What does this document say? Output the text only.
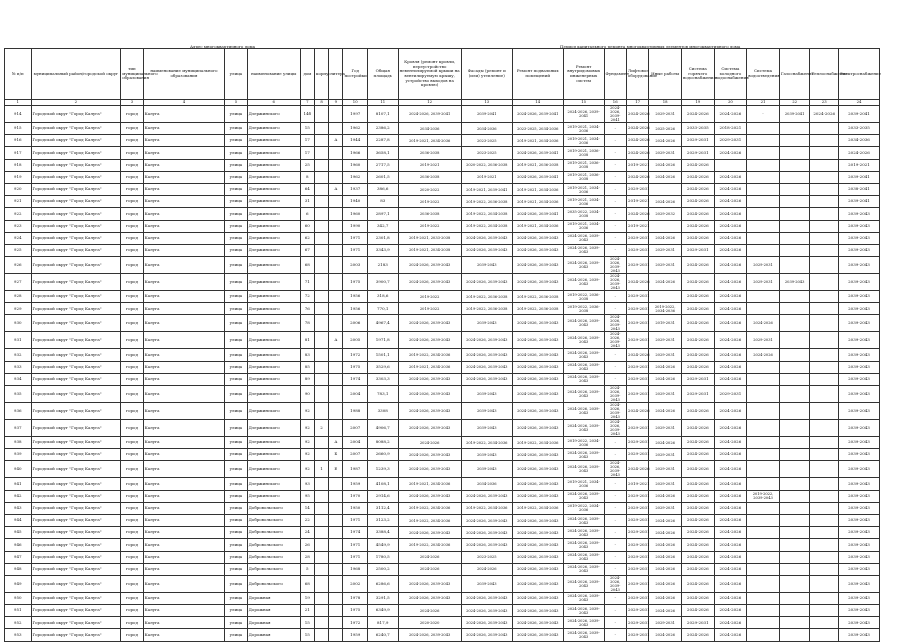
Адрес многоквартирного дома	Период капитального ремонта многоквартирных элементов многоквартирного дома
№ п/п	муниципальный район/городской округ	тип муниципального образования	наименование муниципального образования	улица	наименование улицы	дом	корпус	литера	Год постройки	Общая площадь	Кровля (ремонт кровли, переустройство невентилируемой крыши на вентилируемую крышу, устройство выходов на кровлю)	Фасады (ремонт и (или) утепление)	Ремонт подвальных помещений	Ремонт внутридомовых инженерных систем	Фундамент	Лифтовое оборудование	Иные работы	Система горячего водоснабжения	Система холодного водоснабжения	Система водоотведения	Газоснабжение	Теплоснабжение	Электроснабжение
1	2	3	4	5	6	7	8	9	10	11	12	13	14	15	16	17	18	19	20	21	22	23	24
914	Городской округ "Город Калуга"	город	Калуга	улица	Дзержинского	14б			1997	8107,1	2024-2026, 2039-2041	2039-2041	2024-2026, 2039-2041	2024-2026, 2039-2041	2024-2026, 2039-2041	2024-2026	2029-2031	2024-2026	2024-2026	-	2039-2041	2024-2026	2039-2041
915	Городской округ "Город Калуга"	город	Калуга	улица	Дзержинского	15			1962	2386,2	2034-2036	2034-2036	2023-2025, 2034-2036	2019-2021, 2034-2036	-	2024-2026	2025-2026	2033-2035	2018-2021				2033-2035
916	Городской округ "Город Калуга"	город	Калуга	улица	Дзержинского	17		А	1944	2287,8	2019-2021, 2034-2036	2023-2025	2019-2021, 2034-2036	2019-2021, 2034-2036	-	2024-2026	2024-2026	2029-2031	2029-2031				2034-2036
917	Городской округ "Город Калуга"	город	Калуга	улица	Дзержинского	17			1966	3658,1	2036-2038	2023-2025	2024-2026, 2039-2041	2019-2021, 2036-2038	-	2024-2026	2029-2031	2029-2031	2024-2026				2024-2026
918	Городской округ "Город Калуга"	город	Калуга	улица	Дзержинского	25			1960	2717,5	2019-2021	2020-2022, 2036-2038	2019-2021, 2036-2038	2019-2021, 2036-2038	-	2019-2021	2024-2026	2024-2026					2019-2021
919	Городской округ "Город Калуга"	город	Калуга	улица	Дзержинского	8			1962	2601,5	2036-2038	2019-2021	2024-2026, 2039-2041	2019-2021, 2036-2038	-	2024-2026	2024-2026	2024-2026	2024-2026				2039-2041
920	Городской округ "Город Калуга"	город	Калуга	улица	Дзержинского	64		А	1937	386,6	2020-2022	2019-2021, 2039-2041	2019-2021, 2034-2036	2019-2021, 2034-2036	-	2029-2031		2024-2026	2024-2026				2038-2041
921	Городской округ "Город Калуга"	город	Калуга	улица	Дзержинского	31			1940	83	2019-2022	2019-2022, 2036-2038	2019-2021, 2034-2036	2019-2021, 2034-2036	-	2019-2021	2024-2026	2024-2026	2024-2026				2039-2041
922	Городской округ "Город Калуга"	город	Калуга	улица	Дзержинского	6			1960	2897,1	2036-2038	2019-2022, 2034-2038	2024-2026, 2039-2041	2035-2022, 2034-2038	-	2024-2026	2029-2032	2024-2026	2024-2026				2039-2043
923	Городской округ "Город Калуга"	город	Калуга	улица	Дзержинского	60			1990	342,7	2019-2022	2019-2022, 2034-2038	2019-2021, 2034-2036	2019-2021, 2034-2036	-	2019-2021		2024-2026	2024-2026				2039-2043
924	Городской округ "Город Калуга"	город	Калуга	улица	Дзержинского	62			1971	2301,8	2019-2021, 2033-2038	2024-2026, 2039-2043	2024-2026, 2039-2043	2024-2026, 2039-2043	-	2029-2031	2024-2026	2024-2026	2024-2026				2039-2043
925	Городской округ "Город Калуга"	город	Калуга	улица	Дзержинского	67			1971	3343,9	2019-2021, 2034-2038	2024-2026, 2039-2043	2024-2026, 2039-2043	2024-2026, 2039-2043	-	2029-2031	2029-2031	2029-2031	2024-2026				2039-2043
926	Городской округ "Город Калуга"	город	Калуга	улица	Дзержинского	68			2003	2183	2024-2026, 2039-2043	2039-2043	2024-2026, 2039-2043	2024-2026, 2039-2043	2024-2026, 2039-2043	2029-2031	2029-2031	2024-2026	2024-2026	2029-2031			2039-2043
927	Городской округ "Город Калуга"	город	Калуга	улица	Дзержинского	71			1975	3900,7	2024-2026, 2039-2043	2024-2026, 2039-2043	2024-2026, 2039-2043	2024-2026, 2039-2043	2024-2026, 2039-2043	2024-2026	2024-2026	2024-2026	2024-2026	2029-2031	2039-2043		2039-2043
928	Городской округ "Город Калуга"	город	Калуга	улица	Дзержинского	72			1956	318,6	2019-2022	2019-2022, 2036-2038	2019-2022, 2036-2038	2019-2022, 2036-2038	-	2029-2031		2024-2026	2024-2026				2039-2043
929	Городской округ "Город Калуга"	город	Калуга	улица	Дзержинского	76			1956	770,1	2019-2022	2019-2022, 2036-2038	2019-2022, 2036-2038	2019-2022, 2036-2038	-	2029-2031	2019-2022, 2034-2036	2024-2026	2024-2026				2039-2043
930	Городской округ "Город Калуга"	город	Калуга	улица	Дзержинского	78			2006	4967,4	2024-2026, 2039-2043	2039-2043	2024-2026, 2039-2043	2024-2026, 2039-2043	2024-2026, 2039-2043	2029-2031	2019-2031	2024-2026	2024-2026	2024-2026			2039-2043
931	Городской округ "Город Калуга"	город	Калуга	улица	Дзержинского	81		А	2005	1971,8	2024-2026, 2039-2043	2024-2026, 2039-2043	2024-2026, 2039-2043	2024-2026, 2039-2043	2024-2026, 2039-2043	2029-2031	2029-2031	2024-2026	2024-2026	2029-2031			2039-2043
932	Городской округ "Город Калуга"	город	Калуга	улица	Дзержинского	83			1972	1501,1	2019-2022, 2034-2036	2024-2026, 2039-2043	2024-2026, 2039-2043	2024-2026, 2039-2043	-	2024-2026	2029-2031	2024-2026	2024-2026	2024-2026			2039-2043
933	Городской округ "Город Калуга"	город	Калуга	улица	Дзержинского	85			1975	3529,6	2019-2021, 2034-2036	2024-2026, 2039-2043	2024-2026, 2039-2043	2024-2026, 2039-2043	-	2029-2031	2024-2026	2024-2026	2024-2026				2039-2043
934	Городской округ "Город Калуга"	город	Калуга	улица	Дзержинского	89			1974	3303,3	2024-2026, 2039-2043	2024-2026, 2039-2043	2024-2026, 2039-2043	2024-2026, 2039-2043	-	2029-2031	2024-2026	2029-2031	2024-2026				2039-2043
935	Городской округ "Город Калуга"	город	Калуга	улица	Дзержинского	90			2004	783,1	2024-2026, 2039-2043	2039-2043	2024-2026, 2039-2043	2024-2026, 2039-2043	2024-2026, 2039-2043	2029-2031	2029-2031	2029-2031	2029-2031				2039-2043
936	Городской округ "Город Калуга"	город	Калуга	улица	Дзержинского	92			1988	3308	2024-2026, 2039-2043	2039-2043	2024-2026, 2039-2043	2024-2026, 2039-2043	2024-2026, 2039-2043	2024-2026	2024-2026	2024-2026	2024-2026				2039-2043
937	Городской округ "Город Калуга"	город	Калуга	улица	Дзержинского	92	2		2007	4906,7	2024-2026, 2039-2043	2039-2043	2024-2026, 2039-2043	2024-2026, 2039-2043	2024-2026, 2039-2043	2029-2031	2029-2031	2024-2026	2024-2026				2039-2043
938	Городской округ "Город Калуга"	город	Калуга	улица	Дзержинского	92		А	2004	8088,2	2024-2026	2019-2022, 2034-2036	2019-2022, 2034-2036	2019-2022, 2034-2036	-	2029-2031	2024-2026	2024-2026	2024-2026				2039-2043
939	Городской округ "Город Калуга"	город	Калуга	улица	Дзержинского	92		Б	2007	2660,9	2024-2026, 2039-2043	2039-2043	2024-2026, 2039-2043	2024-2026, 2039-2043	-	2029-2031	2029-2031	2024-2026	2024-2026				2039-2043
940	Городской округ "Город Калуга"	город	Калуга	улица	Дзержинского	92	1	Е	1987	1239,3	2024-2026, 2039-2043	2039-2043	2024-2026, 2039-2043	2024-2026, 2039-2043	2024-2026, 2039-2043	2024-2026	2029-2031	2024-2026	2024-2026				2039-2043
941	Городской округ "Город Калуга"	город	Калуга	улица	Дзержинского	93			1959	4108,1	2019-2021, 2034-2036	2034-2036	2024-2026, 2039-2043	2019-2021, 2034-2036	-	2019-2021	2029-2031	2024-2026	2024-2026				2039-2043
942	Городской округ "Город Калуга"	город	Калуга	улица	Дзержинского	95			1970	2914,6	2024-2026, 2039-2043	2024-2026, 2039-2043	2024-2026, 2039-2043	2024-2026, 2039-2043	-	2029-2031	2024-2026	2024-2026	2024-2026	2019-2022, 2039-2043			2039-2043
943	Городской округ "Город Калуга"	город	Калуга	улица	Добровольского	14			1950	3112,4	2019-2022, 2034-2036	2019-2022, 2034-2036	2019-2022, 2034-2036	2019-2022, 2034-2036	-	2029-2031	2029-2031	2024-2026	2024-2026				2039-2043
944	Городской округ "Город Калуга"	город	Калуга	улица	Добровольского	22			1971	3123,2	2019-2022, 2034-2036	2024-2026, 2039-2043	2024-2026, 2039-2043	2024-2026, 2039-2043	-	2029-2031	2024-2026	2024-2026	2024-2026				2039-2043
945	Городской округ "Город Калуга"	город	Калуга	улица	Добровольского	24			1974	3388,4	2024-2026, 2039-2043	2024-2026, 2039-2043	2024-2026, 2039-2043	2024-2026, 2039-2043	-	2029-2031	2024-2026	2024-2026	2024-2026				2039-2043
946	Городской округ "Город Калуга"	город	Калуга	улица	Добровольского	26			1971	4549,9	2019-2022, 2034-2036	2024-2026, 2039-2043	2024-2026, 2039-2043	2024-2026, 2039-2043	-	2029-2031	2024-2026	2024-2026	2024-2026				2039-2043
947	Городской округ "Город Калуга"	город	Калуга	улица	Добровольского	28			1971	1780,5	2024-2026	2023-2025	2024-2026, 2039-2043	2024-2026, 2039-2043	-	2029-2031	2024-2026	2024-2026	2024-2026				2039-2043
948	Городской округ "Город Калуга"	город	Калуга	улица	Добровольского	5			1968	2500,2	2024-2026	2024-2026	2024-2026, 2039-2043	2024-2026, 2039-2043	-	2029-2031	2024-2026	2024-2026	2024-2026				2039-2043
949	Городской округ "Город Калуга"	город	Калуга	улица	Добровольского	68			2002	6286,6	2024-2026, 2039-2043	2039-2043	2024-2026, 2039-2043	2024-2026, 2039-2043	2024-2026, 2039-2043	2029-2031	2024-2026	2024-2026	2024-2026				2039-2043
950	Городской округ "Город Калуга"	город	Калуга	улица	Дорожная	19			1978	3291,5	2024-2026, 2039-2043	2024-2026, 2039-2043	2024-2026, 2039-2043	2024-2026, 2039-2043	-	2029-2031	2024-2026	2024-2026	2024-2026				2039-2043
951	Городской округ "Город Калуга"	город	Калуга	улица	Дорожная	21			1975	6349,9	2024-2026	2024-2026, 2039-2043	2024-2026, 2039-2043	2024-2026, 2039-2043	-	2029-2031	2024-2026	2024-2026	2024-2026				2039-2043
952	Городской округ "Город Калуга"	город	Калуга	улица	Дорожная	15			1972	817,9	2020-2020	2024-2026, 2039-2043	2024-2026, 2039-2043	2024-2026, 2039-2043	-	2029-2031	2029-2031	2029-2031	2024-2026				2039-2043
953	Городской округ "Город Калуга"	город	Калуга	улица	Дорожная	15			1959	6240,7	2024-2026, 2039-2043	2024-2026, 2039-2043	2024-2026, 2039-2043	2024-2026, 2039-2043	-	2029-2031	2024-2026	2024-2026	2024-2026				2039-2043
